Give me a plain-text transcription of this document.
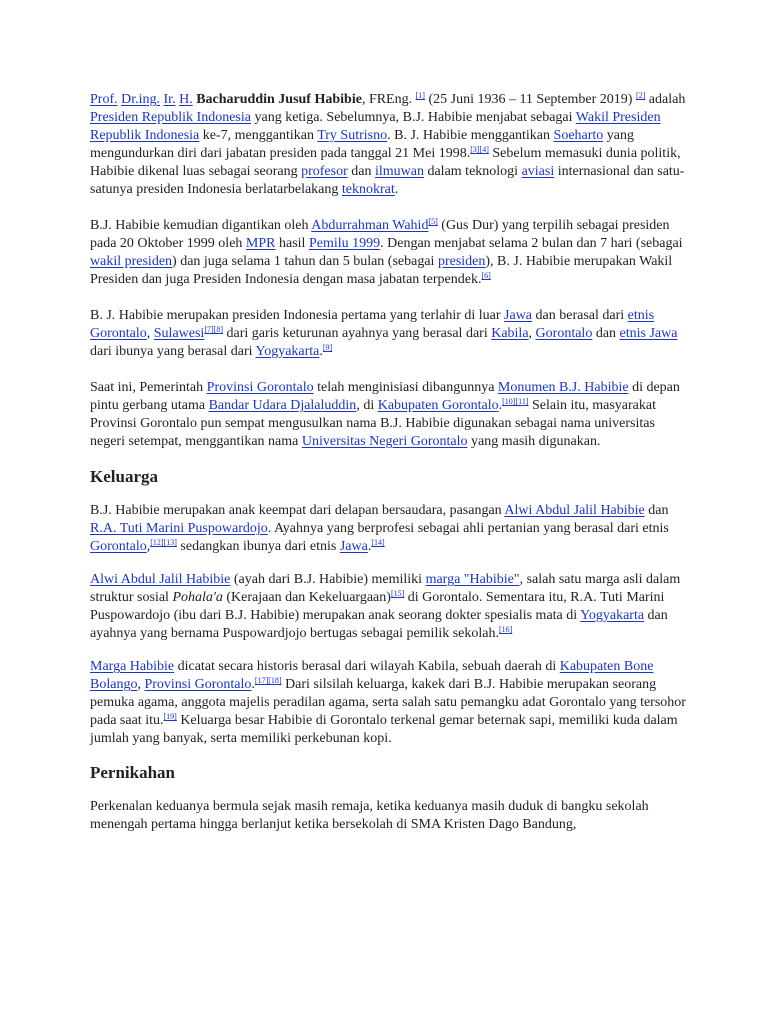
Prof. Dr.ing. Ir. H. Bacharuddin Jusuf Habibie, FREng. [1] (25 Juni 1936 – 11 September 2019) [2] adalah Presiden Republik Indonesia yang ketiga. Sebelumnya, B.J. Habibie menjabat sebagai Wakil Presiden Republik Indonesia ke-7, menggantikan Try Sutrisno. B. J. Habibie menggantikan Soeharto yang mengundurkan diri dari jabatan presiden pada tanggal 21 Mei 1998.[3][4] Sebelum memasuki dunia politik, Habibie dikenal luas sebagai seorang profesor dan ilmuwan dalam teknologi aviasi internasional dan satu-satunya presiden Indonesia berlatarbelakang teknokrat.

B.J. Habibie kemudian digantikan oleh Abdurrahman Wahid[5] (Gus Dur) yang terpilih sebagai presiden pada 20 Oktober 1999 oleh MPR hasil Pemilu 1999. Dengan menjabat selama 2 bulan dan 7 hari (sebagai wakil presiden) dan juga selama 1 tahun dan 5 bulan (sebagai presiden), B. J. Habibie merupakan Wakil Presiden dan juga Presiden Indonesia dengan masa jabatan terpendek.[6]

B. J. Habibie merupakan presiden Indonesia pertama yang terlahir di luar Jawa dan berasal dari etnis Gorontalo, Sulawesi[7][8] dari garis keturunan ayahnya yang berasal dari Kabila, Gorontalo dan etnis Jawa dari ibunya yang berasal dari Yogyakarta.[9]

Saat ini, Pemerintah Provinsi Gorontalo telah menginisiasi dibangunnya Monumen B.J. Habibie di depan pintu gerbang utama Bandar Udara Djalaluddin, di Kabupaten Gorontalo.[10][11] Selain itu, masyarakat Provinsi Gorontalo pun sempat mengusulkan nama B.J. Habibie digunakan sebagai nama universitas negeri setempat, menggantikan nama Universitas Negeri Gorontalo yang masih digunakan.

Keluarga

B.J. Habibie merupakan anak keempat dari delapan bersaudara, pasangan Alwi Abdul Jalil Habibie dan R.A. Tuti Marini Puspowardojo. Ayahnya yang berprofesi sebagai ahli pertanian yang berasal dari etnis Gorontalo,[12][13] sedangkan ibunya dari etnis Jawa.[14]

Alwi Abdul Jalil Habibie (ayah dari B.J. Habibie) memiliki marga "Habibie", salah satu marga asli dalam struktur sosial Pohala'a (Kerajaan dan Kekeluargaan)[15] di Gorontalo. Sementara itu, R.A. Tuti Marini Puspowardojo (ibu dari B.J. Habibie) merupakan anak seorang dokter spesialis mata di Yogyakarta dan ayahnya yang bernama Puspowardjojo bertugas sebagai pemilik sekolah.[16]

Marga Habibie dicatat secara historis berasal dari wilayah Kabila, sebuah daerah di Kabupaten Bone Bolango, Provinsi Gorontalo.[17][18] Dari silsilah keluarga, kakek dari B.J. Habibie merupakan seorang pemuka agama, anggota majelis peradilan agama, serta salah satu pemangku adat Gorontalo yang tersohor pada saat itu.[19] Keluarga besar Habibie di Gorontalo terkenal gemar beternak sapi, memiliki kuda dalam jumlah yang banyak, serta memiliki perkebunan kopi.

Pernikahan

Perkenalan keduanya bermula sejak masih remaja, ketika keduanya masih duduk di bangku sekolah menengah pertama hingga berlanjut ketika bersekolah di SMA Kristen Dago Bandung,
